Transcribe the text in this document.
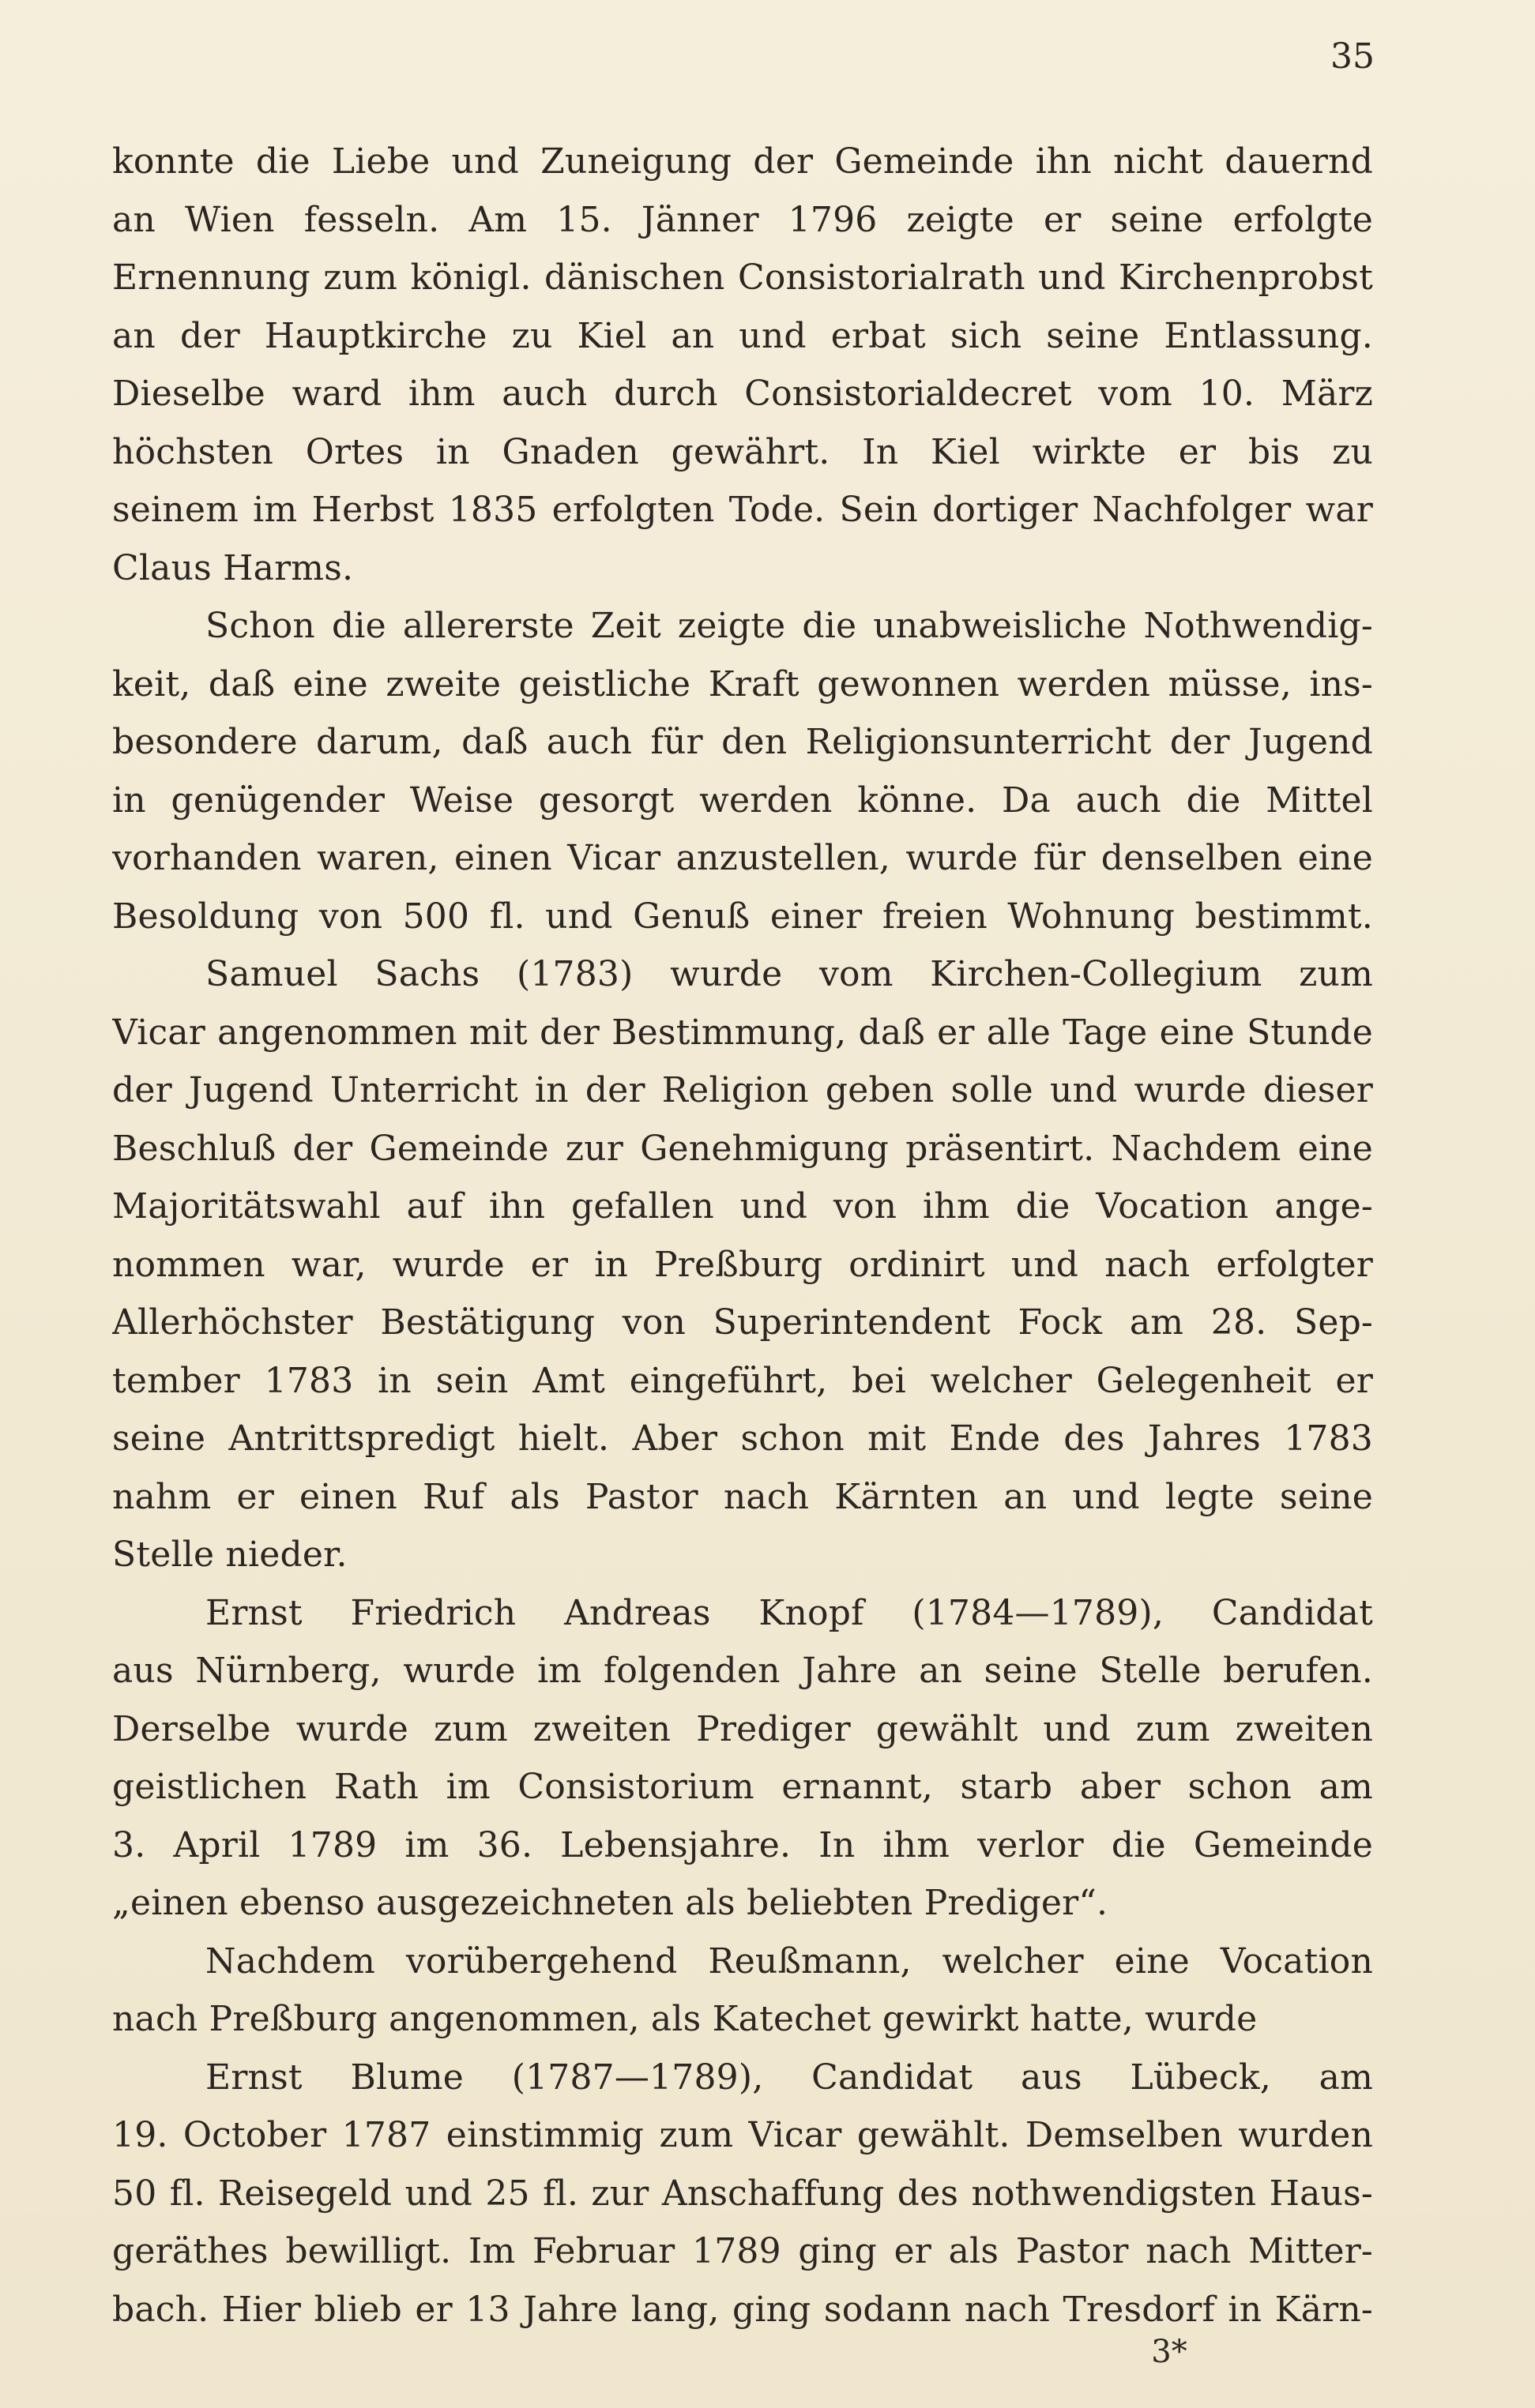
35
konnte die Liebe und Zuneigung der Gemeinde ihn nicht dauernd
an Wien fesseln. Am 15. Jänner 1796 zeigte er seine erfolgte
Ernennung zum königl. dänischen Consistorialrath und Kirchenprobst
an der Hauptkirche zu Kiel an und erbat sich seine Entlassung.
Dieselbe ward ihm auch durch Consistorialdecret vom 10. März
höchsten Ortes in Gnaden gewährt. In Kiel wirkte er bis zu
seinem im Herbst 1835 erfolgten Tode. Sein dortiger Nachfolger war
Claus Harms.
Schon die allererste Zeit zeigte die unabweisliche Nothwendig-
keit, daß eine zweite geistliche Kraft gewonnen werden müsse, ins-
besondere darum, daß auch für den Religionsunterricht der Jugend
in genügender Weise gesorgt werden könne. Da auch die Mittel
vorhanden waren, einen Vicar anzustellen, wurde für denselben eine
Besoldung von 500 fl. und Genuß einer freien Wohnung bestimmt.
Samuel Sachs (1783) wurde vom Kirchen-Collegium zum
Vicar angenommen mit der Bestimmung, daß er alle Tage eine Stunde
der Jugend Unterricht in der Religion geben solle und wurde dieser
Beschluß der Gemeinde zur Genehmigung präsentirt. Nachdem eine
Majoritätswahl auf ihn gefallen und von ihm die Vocation ange-
nommen war, wurde er in Preßburg ordinirt und nach erfolgter
Allerhöchster Bestätigung von Superintendent Fock am 28. Sep-
tember 1783 in sein Amt eingeführt, bei welcher Gelegenheit er
seine Antrittspredigt hielt. Aber schon mit Ende des Jahres 1783
nahm er einen Ruf als Pastor nach Kärnten an und legte seine
Stelle nieder.
Ernst Friedrich Andreas Knopf (1784—1789), Candidat
aus Nürnberg, wurde im folgenden Jahre an seine Stelle berufen.
Derselbe wurde zum zweiten Prediger gewählt und zum zweiten
geistlichen Rath im Consistorium ernannt, starb aber schon am
3. April 1789 im 36. Lebensjahre. In ihm verlor die Gemeinde
„einen ebenso ausgezeichneten als beliebten Prediger“.
Nachdem vorübergehend Reußmann, welcher eine Vocation
nach Preßburg angenommen, als Katechet gewirkt hatte, wurde
Ernst Blume (1787—1789), Candidat aus Lübeck, am
19. October 1787 einstimmig zum Vicar gewählt. Demselben wurden
50 fl. Reisegeld und 25 fl. zur Anschaffung des nothwendigsten Haus-
geräthes bewilligt. Im Februar 1789 ging er als Pastor nach Mitter-
bach. Hier blieb er 13 Jahre lang, ging sodann nach Tresdorf in Kärn-
3*
